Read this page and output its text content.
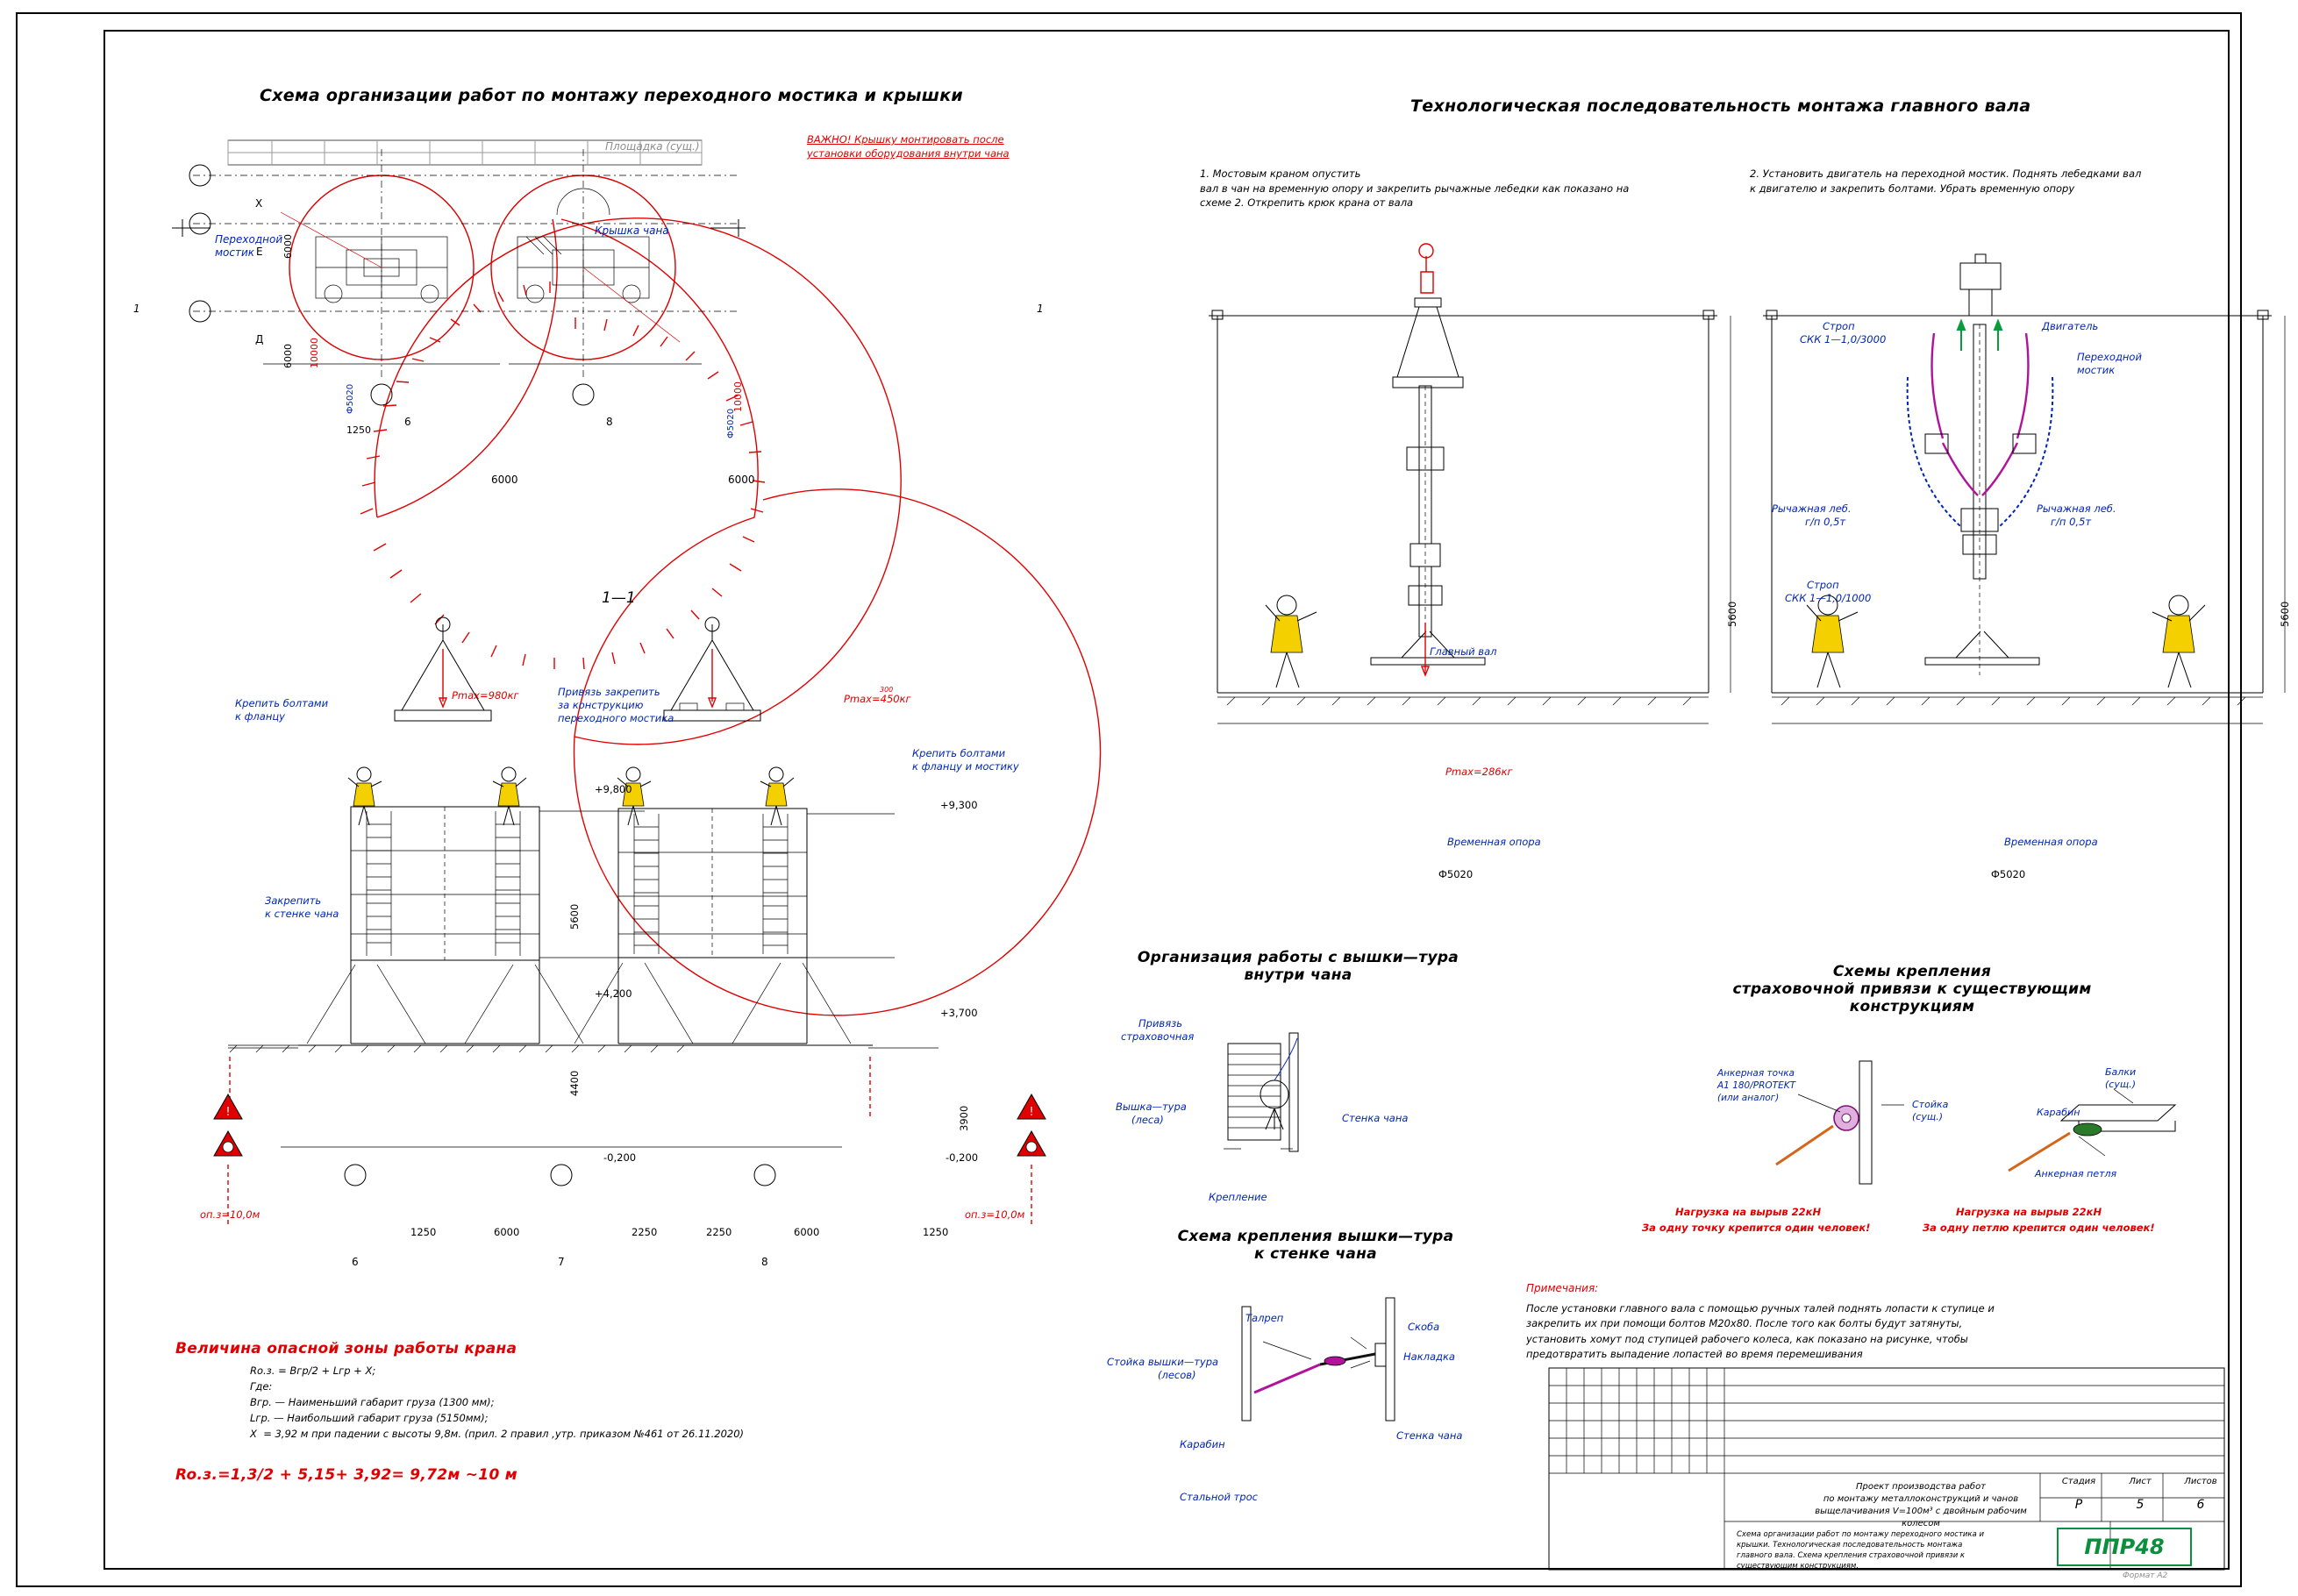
Схема организации работ по монтажу переходного мостика и крышки
Технологическая последовательность монтажа главного вала
Площадка (сущ.)
ВАЖНО! Крышку монтировать после
установки оборудования внутри чана
Переходной
мостик
Крышка чана
6000
6000 10000
10000
Ф5020
Ф5020
1250
6000	6000
Х
Е
Д
6	8
1—1
1	1
!	!
Крепить болтами
к фланцу
Pmax=980кг	Привязь закрепить
за конструкцию
переходного мостика
Pmax=450кг
300
Крепить болтами
к фланцу и мостику
Закрепить
к стенке чана
+9,800
+9,300
+4,200
+3,700
-0,200	-0,200
5600
4400
3900
оп.з=10,0м	оп.з=10,0м
1250	6000	2250	2250	6000	1250
6	7	8
Величина опасной зоны работы крана
Ro.з. = Вгр/2 + Lгр + X;
Где:
Вгр. — Наименьший габарит груза (1300 мм);
Lгр. — Наибольший габарит груза (5150мм);
X  = 3,92 м при падении с высоты 9,8м. (прил. 2 правил ,утр. приказом №461 от 26.11.2020)
Ro.з.=1,3/2 + 5,15+ 3,92= 9,72м ~10 м
1. Мостовым краном опустить
вал в чан на временную опору и закрепить рычажные лебедки как показано на
схеме 2. Открепить крюк крана от вала
2. Установить двигатель на переходной мостик. Поднять лебедками вал
к двигателю и закрепить болтами. Убрать временную опору
Главный вал
Pmax=286кг
Временная опора
5600
Ф5020
Двигатель
Переходной
мостик
Строп
СКК 1—1,0/3000
Строп
СКК 1—1,0/1000
Рычажная леб.
г/п 0,5т
Рычажная леб.
г/п 0,5т
Временная опора
5600
Ф5020
Организация работы с вышки—тура
внутри чана
Привязь
страховочная
Вышка—тура
(леса)	Стенка чана
Крепление
Схема крепления вышки—тура
к стенке чана
Талреп
Скоба
Накладка
Стойка вышки—тура
(лесов)
Карабин
Стенка чана
Стальной трос
Схемы крепления
страховочной привязи к существующим
конструкциям
Анкерная точка
А1 180/PROTEKT
(или аналог)
Стойка
(сущ.)
Нагрузка на вырыв 22кН
За одну точку крепится один человек!
Балки
(сущ.)
Карабин
Анкерная петля
Нагрузка на вырыв 22кН
За одну петлю крепится один человек!
Примечания:
После установки главного вала с помощью ручных талей поднять лопасти к ступице и
закрепить их при помощи болтов М20х80. После того как болты будут затянуты,
установить хомут под ступицей рабочего колеса, как показано на рисунке, чтобы
предотвратить выпадение лопастей во время перемешивания
Проект производства работ
по монтажу металлоконструкций и чанов
выщелачивания V=100м³ с двойным рабочим
колесом
Стадия	Лист	Листов
Р	5	6
Схема организации работ по монтажу переходного мостика и
крышки. Технологическая последовательность монтажа
главного вала. Схема крепления страховочной привязи к
существующим конструкциям.
ППР48
Формат А2
